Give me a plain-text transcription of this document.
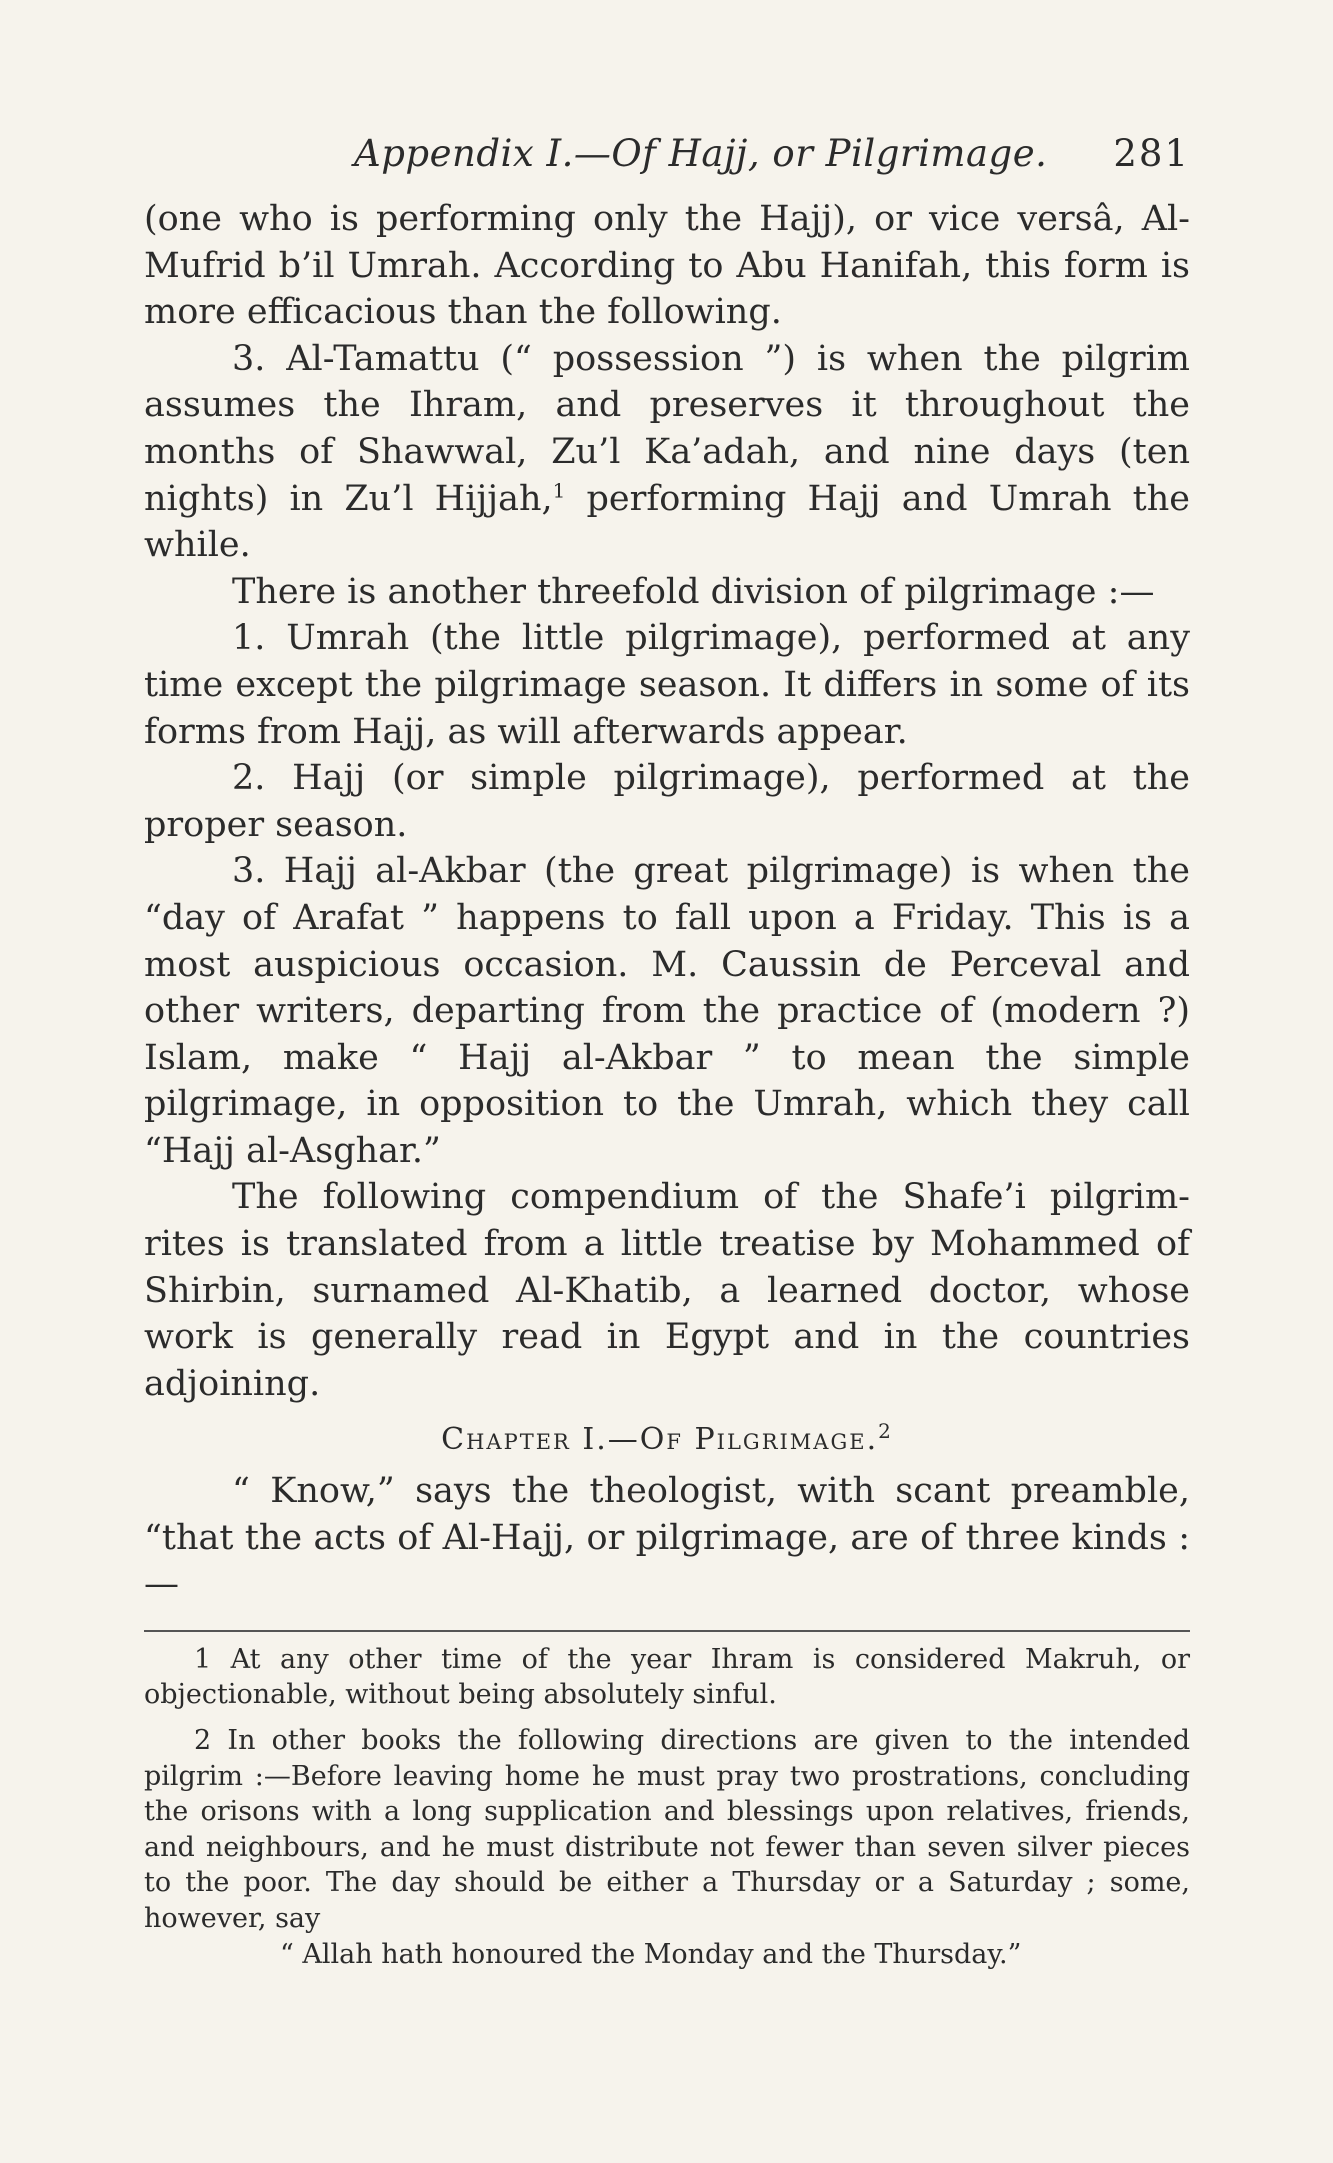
Appendix I.—Of Hajj, or Pilgrimage. 281

(one who is performing only the Hajj), or vice versâ, Al-Mufrid b’il Umrah. According to Abu Hanifah, this form is more efficacious than the following.

3. Al-Tamattu (“ possession ”) is when the pilgrim assumes the Ihram, and preserves it throughout the months of Shawwal, Zu’l Ka’adah, and nine days (ten nights) in Zu’l Hijjah,$^1$ performing Hajj and Umrah the while.

There is another threefold division of pilgrimage :—

1. Umrah (the little pilgrimage), performed at any time except the pilgrimage season. It differs in some of its forms from Hajj, as will afterwards appear.

2. Hajj (or simple pilgrimage), performed at the proper season.

3. Hajj al-Akbar (the great pilgrimage) is when the “day of Arafat ” happens to fall upon a Friday. This is a most auspicious occasion. M. Caussin de Perceval and other writers, departing from the practice of (modern ?) Islam, make “ Hajj al-Akbar ” to mean the simple pilgrimage, in opposition to the Umrah, which they call “Hajj al-Asghar.”

The following compendium of the Shafe’i pilgrim-rites is translated from a little treatise by Mohammed of Shirbin, surnamed Al-Khatib, a learned doctor, whose work is generally read in Egypt and in the countries adjoining.

Chapter I.—Of Pilgrimage.$^2$

“ Know,” says the theologist, with scant preamble, “that the acts of Al-Hajj, or pilgrimage, are of three kinds :—

1 At any other time of the year Ihram is considered Makruh, or objectionable, without being absolutely sinful.

2 In other books the following directions are given to the intended pilgrim :—Before leaving home he must pray two prostrations, concluding the orisons with a long supplication and blessings upon relatives, friends, and neighbours, and he must distribute not fewer than seven silver pieces to the poor. The day should be either a Thursday or a Saturday ; some, however, say

“ Allah hath honoured the Monday and the Thursday.”
